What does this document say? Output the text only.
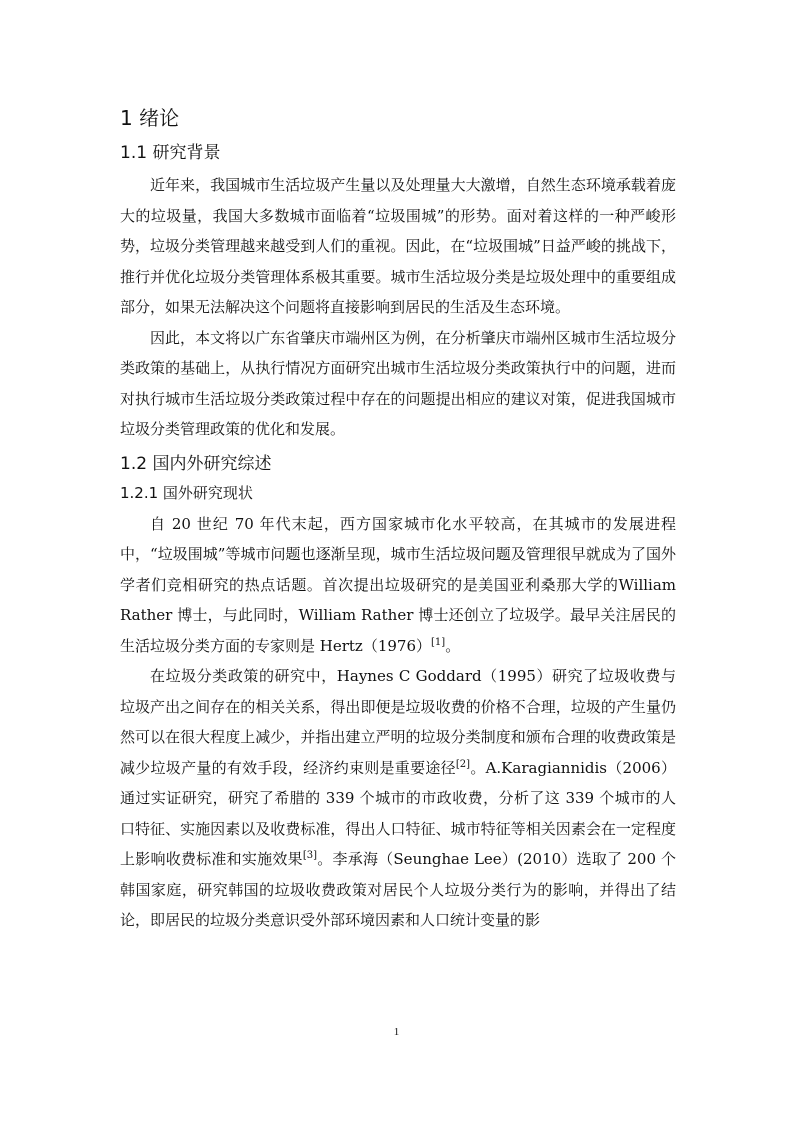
1 绪论
1.1 研究背景

近年来，我国城市生活垃圾产生量以及处理量大大激增，自然生态环境承载着庞大的垃圾量，我国大多数城市面临着“垃圾围城”的形势。面对着这样的一种严峻形势，垃圾分类管理越来越受到人们的重视。因此，在“垃圾围城”日益严峻的挑战下，推行并优化垃圾分类管理体系极其重要。城市生活垃圾分类是垃圾处理中的重要组成部分，如果无法解决这个问题将直接影响到居民的生活及生态环境。

因此，本文将以广东省肇庆市端州区为例，在分析肇庆市端州区城市生活垃圾分类政策的基础上，从执行情况方面研究出城市生活垃圾分类政策执行中的问题，进而对执行城市生活垃圾分类政策过程中存在的问题提出相应的建议对策，促进我国城市垃圾分类管理政策的优化和发展。

1.2 国内外研究综述
1.2.1 国外研究现状

自 20 世纪 70 年代末起，西方国家城市化水平较高，在其城市的发展进程中，“垃圾围城”等城市问题也逐渐呈现，城市生活垃圾问题及管理很早就成为了国外学者们竞相研究的热点话题。首次提出垃圾研究的是美国亚利桑那大学的William Rather 博士，与此同时，William Rather 博士还创立了垃圾学。最早关注居民的生活垃圾分类方面的专家则是 Hertz（1976）[1]。

在垃圾分类政策的研究中，Haynes C Goddard（1995）研究了垃圾收费与垃圾产出之间存在的相关关系，得出即便是垃圾收费的价格不合理，垃圾的产生量仍然可以在很大程度上减少，并指出建立严明的垃圾分类制度和颁布合理的收费政策是减少垃圾产量的有效手段，经济约束则是重要途径[2]。A.Karagiannidis（2006）通过实证研究，研究了希腊的 339 个城市的市政收费，分析了这 339 个城市的人口特征、实施因素以及收费标准，得出人口特征、城市特征等相关因素会在一定程度上影响收费标准和实施效果[3]。李承海（Seunghae Lee）(2010）选取了 200 个韩国家庭，研究韩国的垃圾收费政策对居民个人垃圾分类行为的影响，并得出了结论，即居民的垃圾分类意识受外部环境因素和人口统计变量的影

1
